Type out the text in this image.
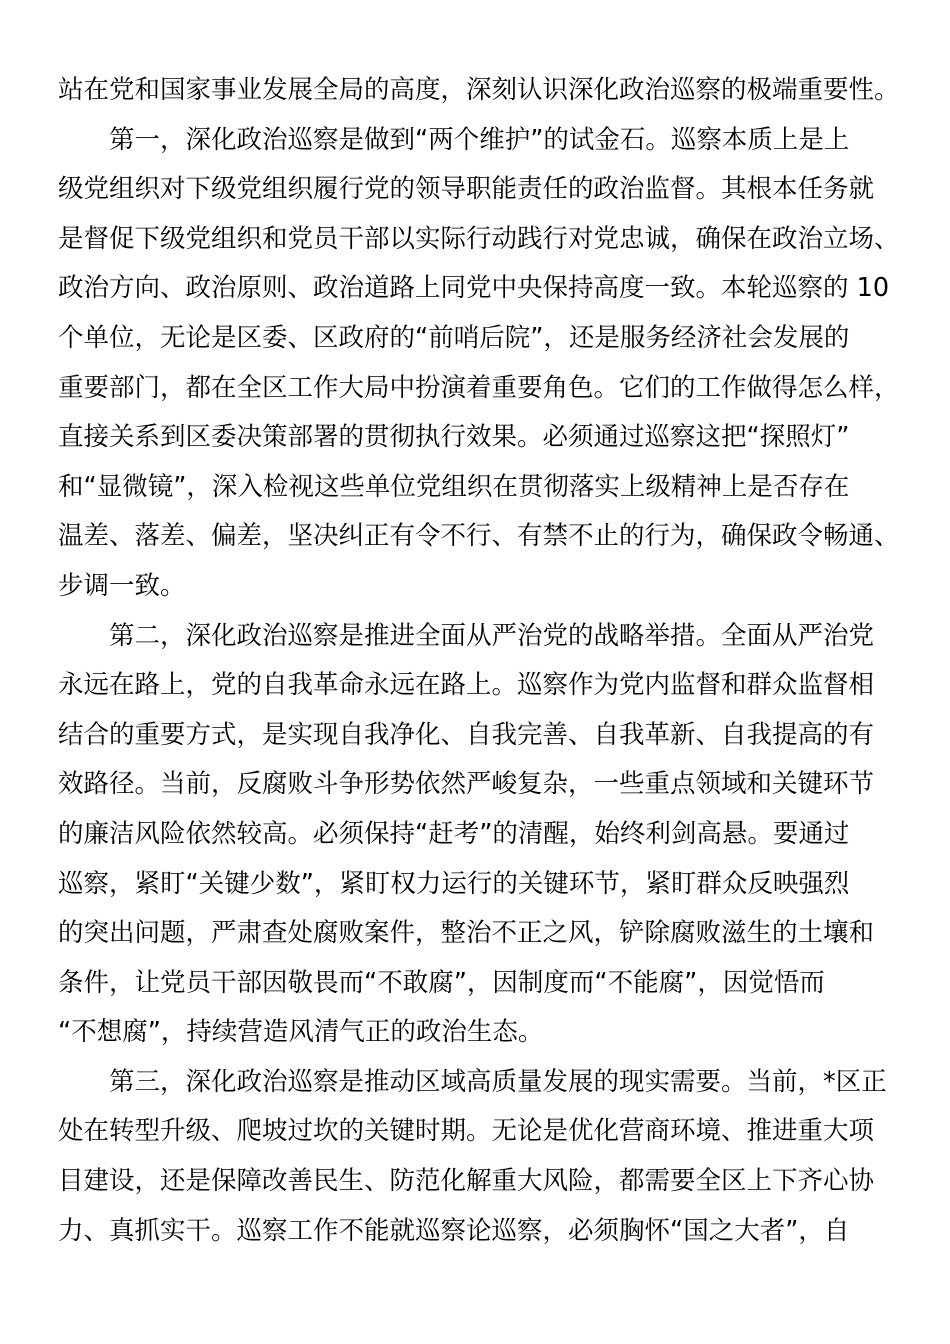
站在党和国家事业发展全局的高度，深刻认识深化政治巡察的极端重要性。
第一，深化政治巡察是做到“两个维护”的试金石。巡察本质上是上
级党组织对下级党组织履行党的领导职能责任的政治监督。其根本任务就
是督促下级党组织和党员干部以实际行动践行对党忠诚，确保在政治立场、
政治方向、政治原则、政治道路上同党中央保持高度一致。本轮巡察的 10
个单位，无论是区委、区政府的“前哨后院”，还是服务经济社会发展的
重要部门，都在全区工作大局中扮演着重要角色。它们的工作做得怎么样，
直接关系到区委决策部署的贯彻执行效果。必须通过巡察这把“探照灯”
和“显微镜”，深入检视这些单位党组织在贯彻落实上级精神上是否存在
温差、落差、偏差，坚决纠正有令不行、有禁不止的行为，确保政令畅通、
步调一致。
第二，深化政治巡察是推进全面从严治党的战略举措。全面从严治党
永远在路上，党的自我革命永远在路上。巡察作为党内监督和群众监督相
结合的重要方式，是实现自我净化、自我完善、自我革新、自我提高的有
效路径。当前，反腐败斗争形势依然严峻复杂，一些重点领域和关键环节
的廉洁风险依然较高。必须保持“赶考”的清醒，始终利剑高悬。要通过
巡察，紧盯“关键少数”，紧盯权力运行的关键环节，紧盯群众反映强烈
的突出问题，严肃查处腐败案件，整治不正之风，铲除腐败滋生的土壤和
条件，让党员干部因敬畏而“不敢腐”，因制度而“不能腐”，因觉悟而
“不想腐”，持续营造风清气正的政治生态。
第三，深化政治巡察是推动区域高质量发展的现实需要。当前，*区正
处在转型升级、爬坡过坎的关键时期。无论是优化营商环境、推进重大项
目建设，还是保障改善民生、防范化解重大风险，都需要全区上下齐心协
力、真抓实干。巡察工作不能就巡察论巡察，必须胸怀“国之大者”，自
